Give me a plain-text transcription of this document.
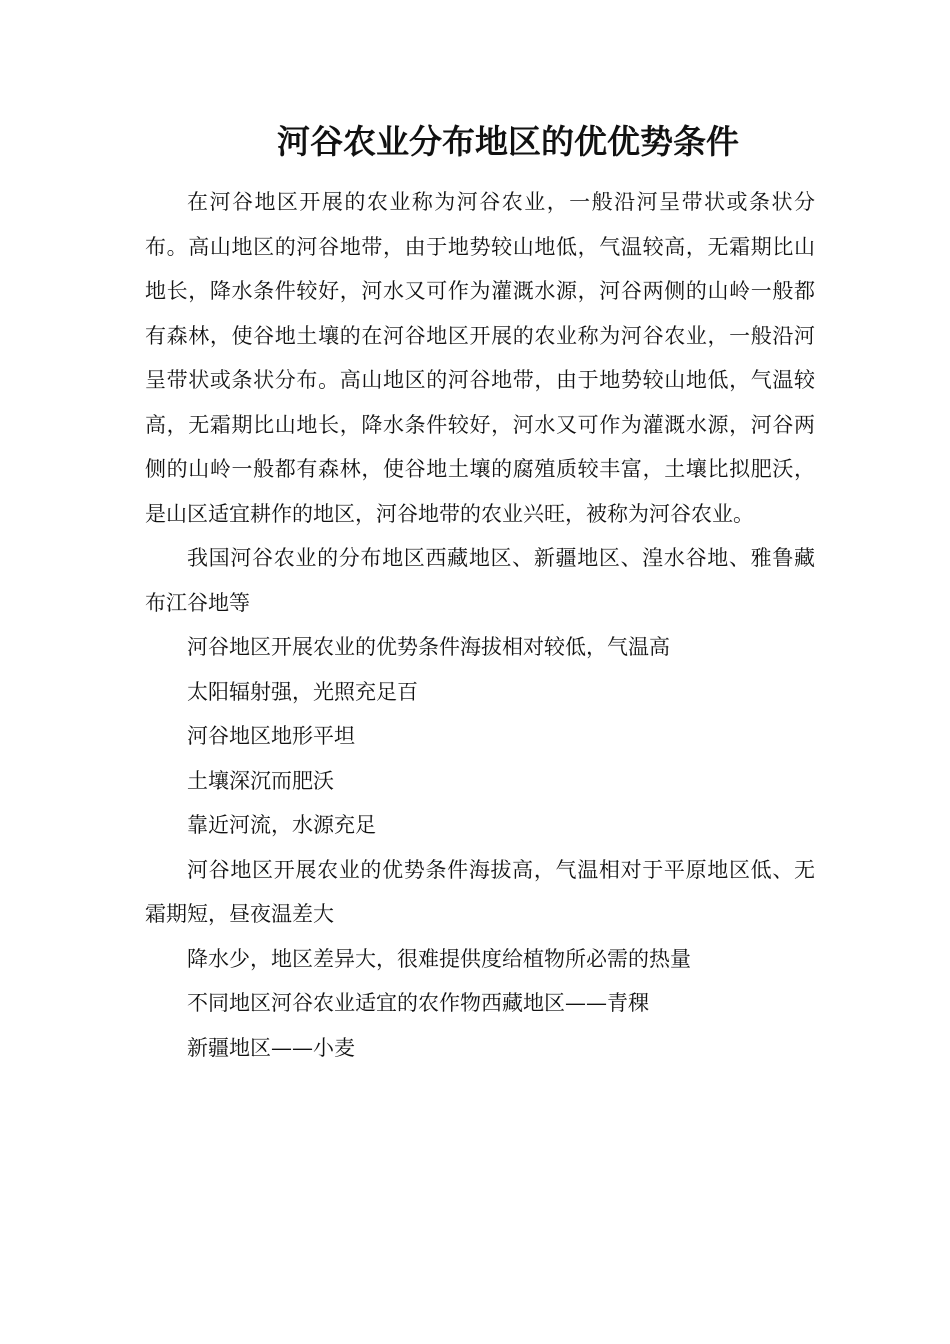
河谷农业分布地区的优优势条件

在河谷地区开展的农业称为河谷农业，一般沿河呈带状或条状分布。高山地区的河谷地带，由于地势较山地低，气温较高，无霜期比山地长，降水条件较好，河水又可作为灌溉水源，河谷两侧的山岭一般都有森林，使谷地土壤的在河谷地区开展的农业称为河谷农业，一般沿河呈带状或条状分布。高山地区的河谷地带，由于地势较山地低，气温较高，无霜期比山地长，降水条件较好，河水又可作为灌溉水源，河谷两侧的山岭一般都有森林，使谷地土壤的腐殖质较丰富，土壤比拟肥沃，是山区适宜耕作的地区，河谷地带的农业兴旺，被称为河谷农业。

我国河谷农业的分布地区西藏地区、新疆地区、湟水谷地、雅鲁藏布江谷地等

河谷地区开展农业的优势条件海拔相对较低，气温高

太阳辐射强，光照充足百

河谷地区地形平坦

土壤深沉而肥沃

靠近河流，水源充足

河谷地区开展农业的优势条件海拔高，气温相对于平原地区低、无霜期短，昼夜温差大

降水少，地区差异大，很难提供度给植物所必需的热量

不同地区河谷农业适宜的农作物西藏地区——青稞

新疆地区——小麦
